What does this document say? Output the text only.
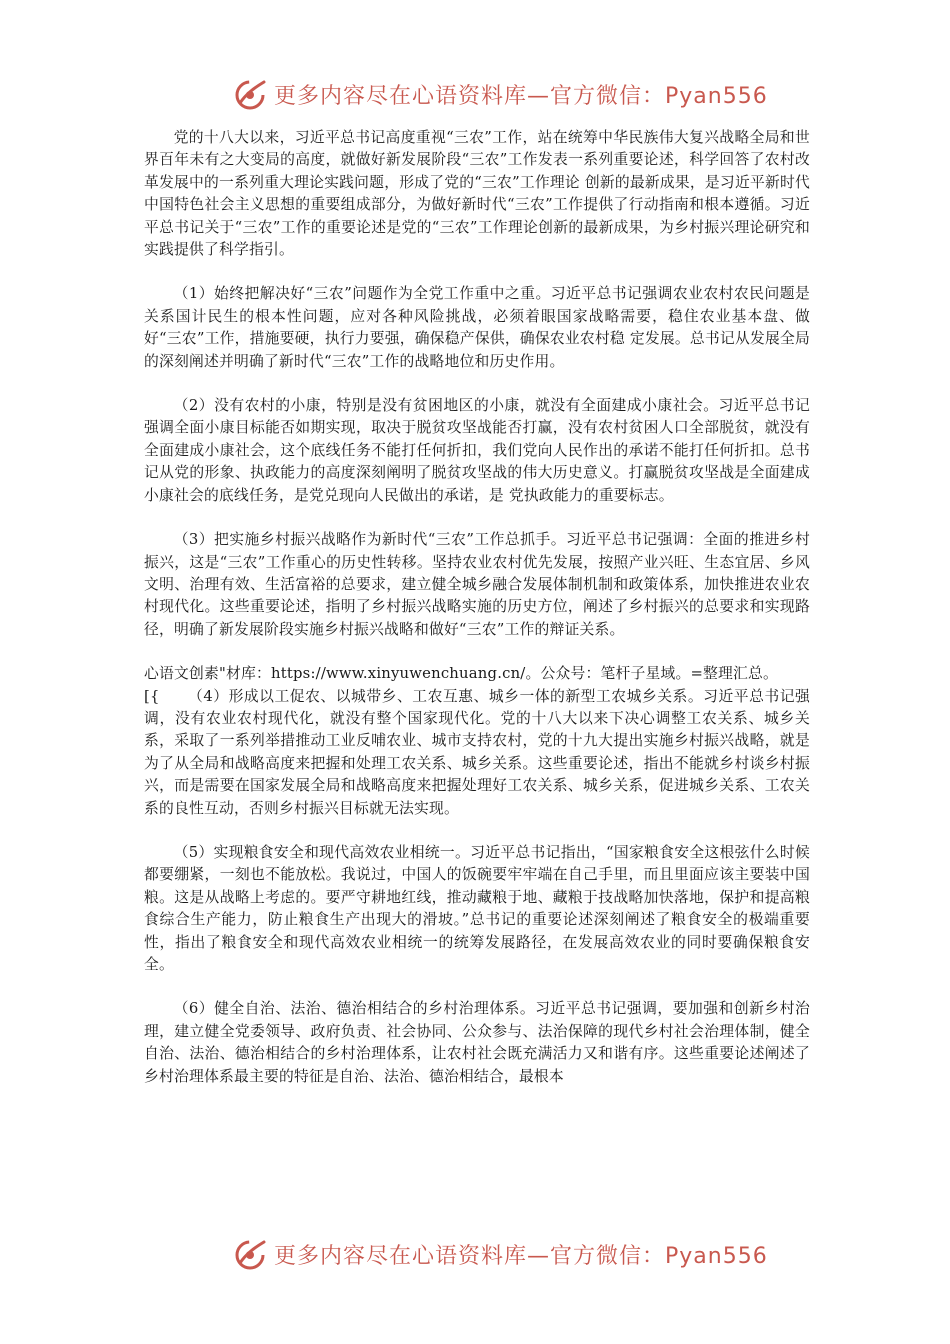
更多内容尽在心语资料库—官方微信：Pyan556

党的十八大以来，习近平总书记高度重视“三农”工作，站在统筹中华民族伟大复兴战略全局和世界百年未有之大变局的高度，就做好新发展阶段“三农”工作发表一系列重要论述，科学回答了农村改革发展中的一系列重大理论实践问题，形成了党的“三农”工作理论 创新的最新成果，是习近平新时代中国特色社会主义思想的重要组成部分，为做好新时代“三农”工作提供了行动指南和根本遵循。习近平总书记关于“三农”工作的重要论述是党的“三农”工作理论创新的最新成果，为乡村振兴理论研究和实践提供了科学指引。

（1）始终把解决好“三农”问题作为全党工作重中之重。习近平总书记强调农业农村农民问题是关系国计民生的根本性问题，应对各种风险挑战，必须着眼国家战略需要，稳住农业基本盘、做好“三农”工作，措施要硬，执行力要强，确保稳产保供，确保农业农村稳 定发展。总书记从发展全局的深刻阐述并明确了新时代“三农”工作的战略地位和历史作用。

（2）没有农村的小康，特别是没有贫困地区的小康，就没有全面建成小康社会。习近平总书记强调全面小康目标能否如期实现，取决于脱贫攻坚战能否打赢，没有农村贫困人口全部脱贫，就没有全面建成小康社会，这个底线任务不能打任何折扣，我们党向人民作出的承诺不能打任何折扣。总书记从党的形象、执政能力的高度深刻阐明了脱贫攻坚战的伟大历史意义。打赢脱贫攻坚战是全面建成小康社会的底线任务，是党兑现向人民做出的承诺，是 党执政能力的重要标志。

（3）把实施乡村振兴战略作为新时代“三农”工作总抓手。习近平总书记强调：全面的推进乡村振兴，这是“三农”工作重心的历史性转移。坚持农业农村优先发展，按照产业兴旺、生态宜居、乡风文明、治理有效、生活富裕的总要求，建立健全城乡融合发展体制机制和政策体系，加快推进农业农村现代化。这些重要论述，指明了乡村振兴战略实施的历史方位，阐述了乡村振兴的总要求和实现路径，明确了新发展阶段实施乡村振兴战略和做好“三农”工作的辩证关系。

心语文创素"材库：https://www.xinyuwenchuang.cn/。公众号：笔杆子星域。=整理汇总。

[{ 　　（4）形成以工促农、以城带乡、工农互惠、城乡一体的新型工农城乡关系。习近平总书记强调，没有农业农村现代化，就没有整个国家现代化。党的十八大以来下决心调整工农关系、城乡关系，采取了一系列举措推动工业反哺农业、城市支持农村，党的十九大提出实施乡村振兴战略，就是为了从全局和战略高度来把握和处理工农关系、城乡关系。这些重要论述，指出不能就乡村谈乡村振兴，而是需要在国家发展全局和战略高度来把握处理好工农关系、城乡关系，促进城乡关系、工农关系的良性互动，否则乡村振兴目标就无法实现。

（5）实现粮食安全和现代高效农业相统一。习近平总书记指出，“国家粮食安全这根弦什么时候都要绷紧，一刻也不能放松。我说过，中国人的饭碗要牢牢端在自己手里，而且里面应该主要装中国粮。这是从战略上考虑的。要严守耕地红线，推动藏粮于地、藏粮于技战略加快落地，保护和提高粮食综合生产能力，防止粮食生产出现大的滑坡。”总书记的重要论述深刻阐述了粮食安全的极端重要性，指出了粮食安全和现代高效农业相统一的统筹发展路径，在发展高效农业的同时要确保粮食安全。

（6）健全自治、法治、德治相结合的乡村治理体系。习近平总书记强调，要加强和创新乡村治理，建立健全党委领导、政府负责、社会协同、公众参与、法治保障的现代乡村社会治理体制，健全自治、法治、德治相结合的乡村治理体系，让农村社会既充满活力又和谐有序。这些重要论述阐述了乡村治理体系最主要的特征是自治、法治、德治相结合，最根本

更多内容尽在心语资料库—官方微信：Pyan556
